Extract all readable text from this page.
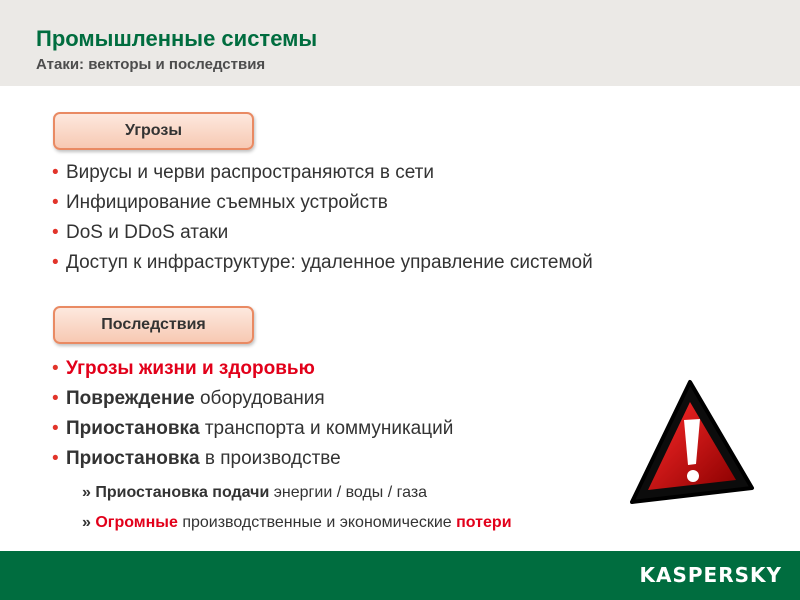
Промышленные системы
Атаки: векторы и последствия
Угрозы
• Вирусы и черви распространяются в сети
• Инфицирование съемных устройств
• DoS и DDoS атаки
• Доступ к инфраструктуре: удаленное управление системой
Последствия
• Угрозы жизни и здоровью
• Повреждение оборудования
• Приостановка транспорта и коммуникаций
• Приостановка в производстве
» Приостановка подачи энергии / воды / газа
» Огромные производственные и экономические потери
KASPERSKY
